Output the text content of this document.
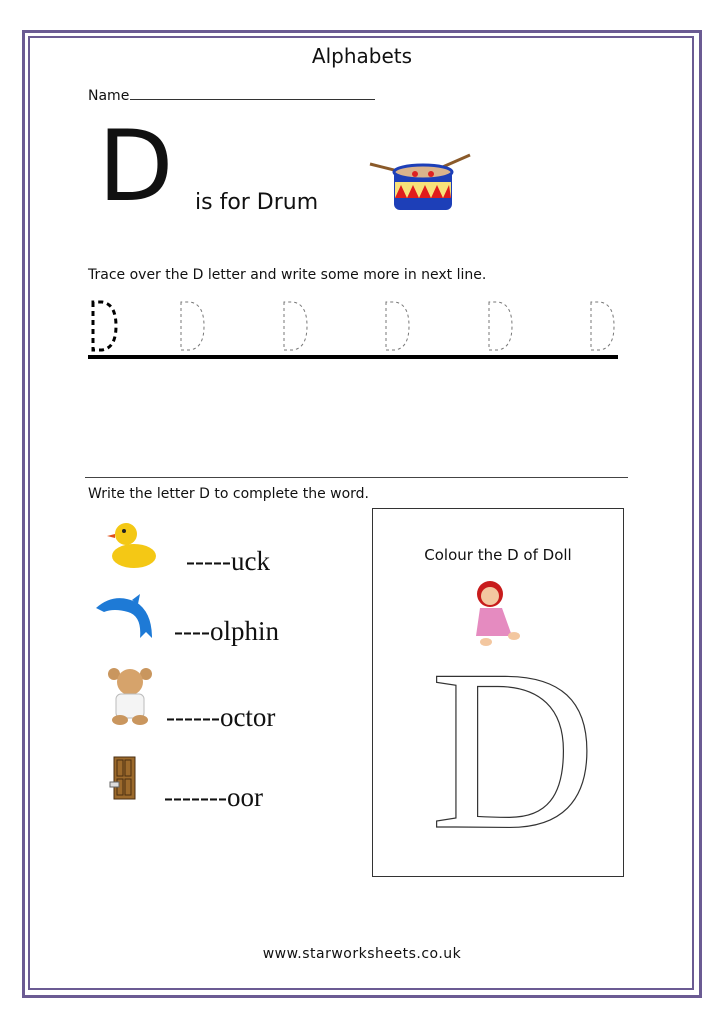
Alphabets
Name
D is for Drum
Trace over the D letter and write some more in next line.
Write the letter D to complete the word.
-----uck
----olphin
------octor
-------oor
Colour the D of Doll
D
www.starworksheets.co.uk
